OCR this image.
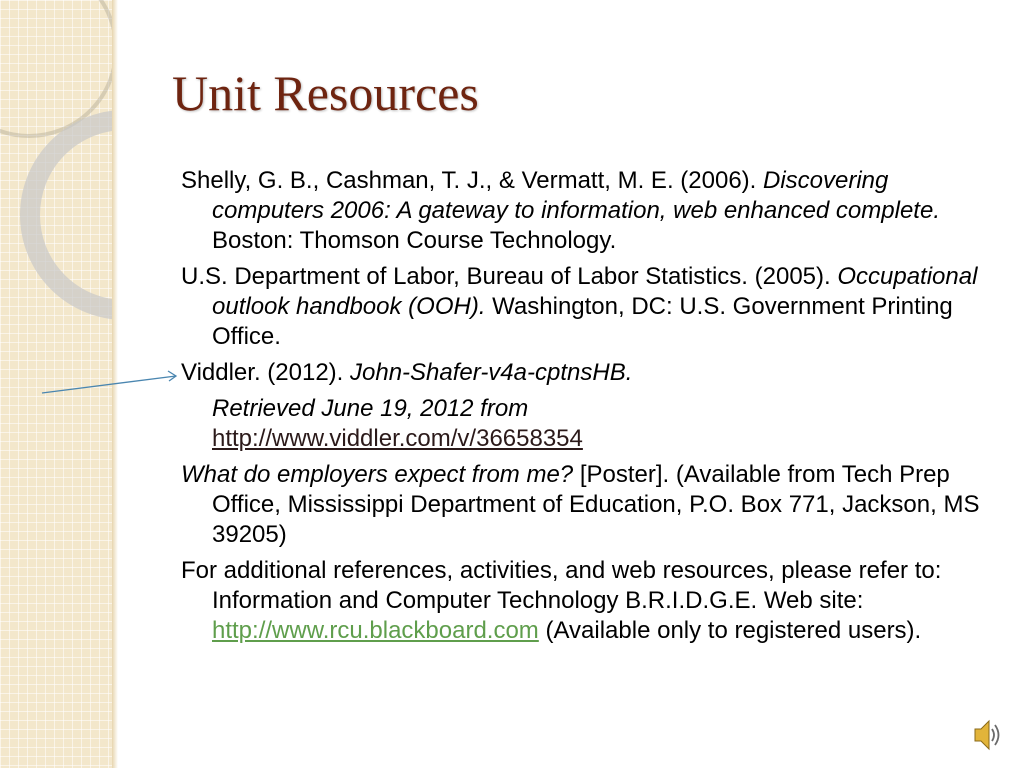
Unit Resources

Shelly, G. B., Cashman, T. J., & Vermatt, M. E. (2006). Discovering computers 2006: A gateway to information, web enhanced complete. Boston: Thomson Course Technology.

U.S. Department of Labor, Bureau of Labor Statistics. (2005). Occupational outlook handbook (OOH). Washington, DC: U.S. Government Printing Office.

Viddler. (2012). John-Shafer-v4a-cptnsHB.

Retrieved June 19, 2012 from
http://www.viddler.com/v/36658354

What do employers expect from me? [Poster]. (Available from Tech Prep Office, Mississippi Department of Education, P.O. Box 771, Jackson, MS 39205)

For additional references, activities, and web resources, please refer to: Information and Computer Technology B.R.I.D.G.E. Web site: http://www.rcu.blackboard.com (Available only to registered users).
